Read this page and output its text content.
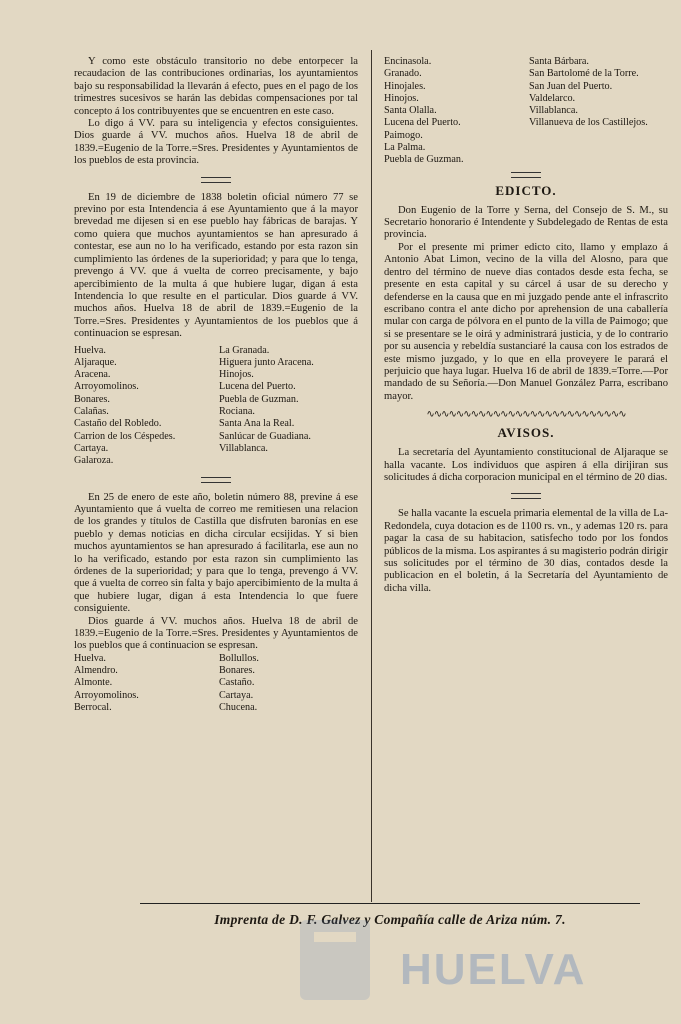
Y como este obstáculo transitorio no debe entorpecer la recaudacion de las contribuciones ordinarias, los ayuntamientos bajo su responsabilidad la llevarán á efecto, pues en el pago de los trimestres sucesivos se harán las debidas compensaciones por tal concepto á los contribuyentes que se encuentren en este caso.

Lo digo á VV. para su inteligencia y efectos consiguientes. Dios guarde á VV. muchos años. Huelva 18 de abril de 1839.=Eugenio de la Torre.=Sres. Presidentes y Ayuntamientos de los pueblos de esta provincia.

En 19 de diciembre de 1838 boletin oficial número 77 se previno por esta Intendencia á ese Ayuntamiento que á la mayor brevedad me dijesen si en ese pueblo hay fábricas de barajas. Y como quiera que muchos ayuntamientos se han apresurado á contestar, ese aun no lo ha verificado, estando por esta razon sin cumplimiento las órdenes de la superioridad; y para que lo tenga, prevengo á VV. que á vuelta de correo precisamente, y bajo apercibimiento de la multa á que hubiere lugar, digan á esta Intendencia lo que resulte en el particular. Dios guarde á VV. muchos años. Huelva 18 de abril de 1839.=Eugenio de la Torre.=Sres. Presidentes y Ayuntamientos de los pueblos que á continuacion se espresan.

Huelva.
Aljaraque.
Aracena.
Arroyomolinos.
Bonares.
Calañas.
Castaño del Robledo.
Carrion de los Céspedes.
Cartaya.
Galaroza.
La Granada.
Higuera junto Aracena.
Hinojos.
Lucena del Puerto.
Puebla de Guzman.
Rociana.
Santa Ana la Real.
Sanlúcar de Guadiana.
Villablanca.

En 25 de enero de este año, boletin número 88, previne á ese Ayuntamiento que á vuelta de correo me remitiesen una relacion de los grandes y títulos de Castilla que disfruten baronías en ese pueblo y demas noticias en dicha circular ecsijidas. Y si bien muchos ayuntamientos se han apresurado á facilitarla, ese aun no lo ha verificado, estando por esta razon sin cumplimiento las órdenes de la superioridad; y para que lo tenga, prevengo á VV. que á vuelta de correo sin falta y bajo apercibimiento de la multa á que hubiere lugar, digan á esta Intendencia lo que fuere consiguiente.

Dios guarde á VV. muchos años. Huelva 18 de abril de 1839.=Eugenio de la Torre.=Sres. Presidentes y Ayuntamientos de los pueblos que á continuacion se espresan.

Huelva.
Almendro.
Almonte.
Arroyomolinos.
Berrocal.
Bollullos.
Bonares.
Castaño.
Cartaya.
Chucena.
Encinasola.
Granado.
Hinojales.
Hinojos.
Santa Olalla.
Lucena del Puerto.
Paimogo.
La Palma.
Puebla de Guzman.
Santa Bárbara.
San Bartolomé de la Torre.
San Juan del Puerto.
Valdelarco.
Villablanca.
Villanueva de los Castillejos.
EDICTO.

Don Eugenio de la Torre y Serna, del Consejo de S. M., su Secretario honorario é Intendente y Subdelegado de Rentas de esta provincia.

Por el presente mi primer edicto cito, llamo y emplazo á Antonio Abat Limon, vecino de la villa del Alosno, para que dentro del término de nueve dias contados desde esta fecha, se presente en esta capital y su cárcel á usar de su derecho y defenderse en la causa que en mi juzgado pende ante el infrascrito escribano contra el ante dicho por aprehension de una caballería mular con carga de pólvora en el punto de la villa de Paimogo; que si se presentare se le oirá y administrará justicia, y de lo contrario por su ausencia y rebeldía sustanciaré la causa con los estrados de este mismo juzgado, y lo que en ella proveyere le parará el perjuicio que haya lugar. Huelva 16 de abril de 1839.=Torre.—Por mandado de su Señoría.—Don Manuel González Parra, escribano mayor.

∿∿∿∿∿∿∿∿∿∿∿∿∿∿∿∿∿∿∿∿∿∿∿∿∿∿∿
AVISOS.

La secretaría del Ayuntamiento constitucional de Aljaraque se halla vacante. Los individuos que aspiren á ella dirijiran sus solicitudes á dicha corporacion municipal en el término de 20 dias.

Se halla vacante la escuela primaria elemental de la villa de La-Redondela, cuya dotacion es de 1100 rs. vn., y ademas 120 rs. para pagar la casa de su habitacion, satisfecho todo por los fondos públicos de la misma. Los aspirantes á su magisterio podrán dirigir sus solicitudes por el término de 30 dias, contados desde la publicacion en el boletin, á la Secretaría del Ayuntamiento de dicha villa.

Imprenta de D. F. Galvez y Compañía calle de Ariza núm. 7.
HUELVA
